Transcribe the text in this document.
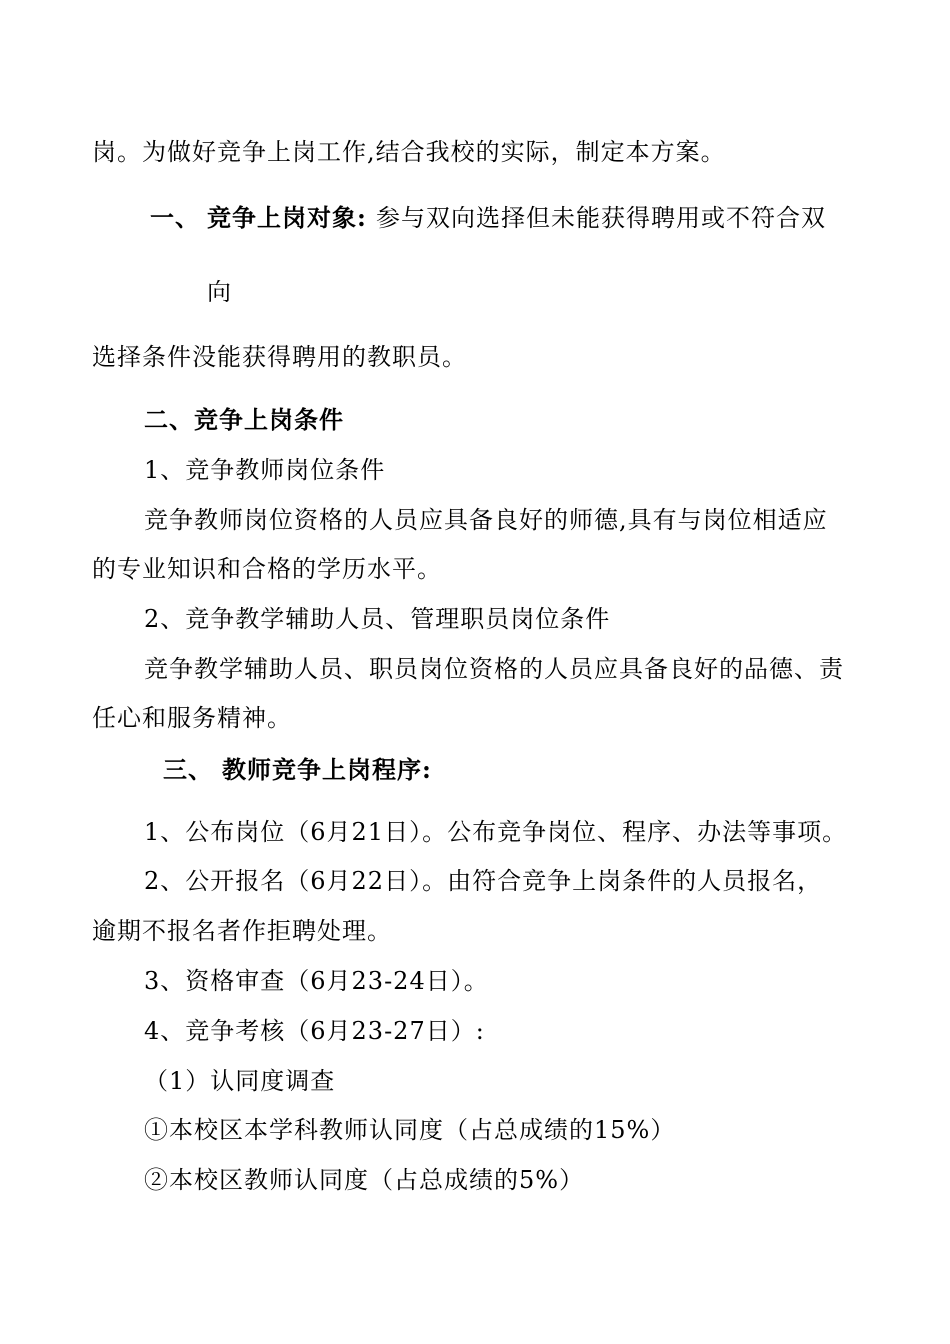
岗。为做好竞争上岗工作,结合我校的实际，制定本方案。
一、 竞争上岗对象: 参与双向选择但未能获得聘用或不符合双
向
选择条件没能获得聘用的教职员。
二、竞争上岗条件
1、竞争教师岗位条件
竞争教师岗位资格的人员应具备良好的师德,具有与岗位相适应
的专业知识和合格的学历水平。
2、竞争教学辅助人员、管理职员岗位条件
竞争教学辅助人员、职员岗位资格的人员应具备良好的品德、责
任心和服务精神。
三、 教师竞争上岗程序:
1、公布岗位（6月21日）。公布竞争岗位、程序、办法等事项。
2、公开报名（6月22日）。由符合竞争上岗条件的人员报名，
逾期不报名者作拒聘处理。
3、资格审查（6月23-24日）。
4、竞争考核（6月23-27日）:
（1）认同度调查
①本校区本学科教师认同度（占总成绩的15%）
②本校区教师认同度（占总成绩的5%）
